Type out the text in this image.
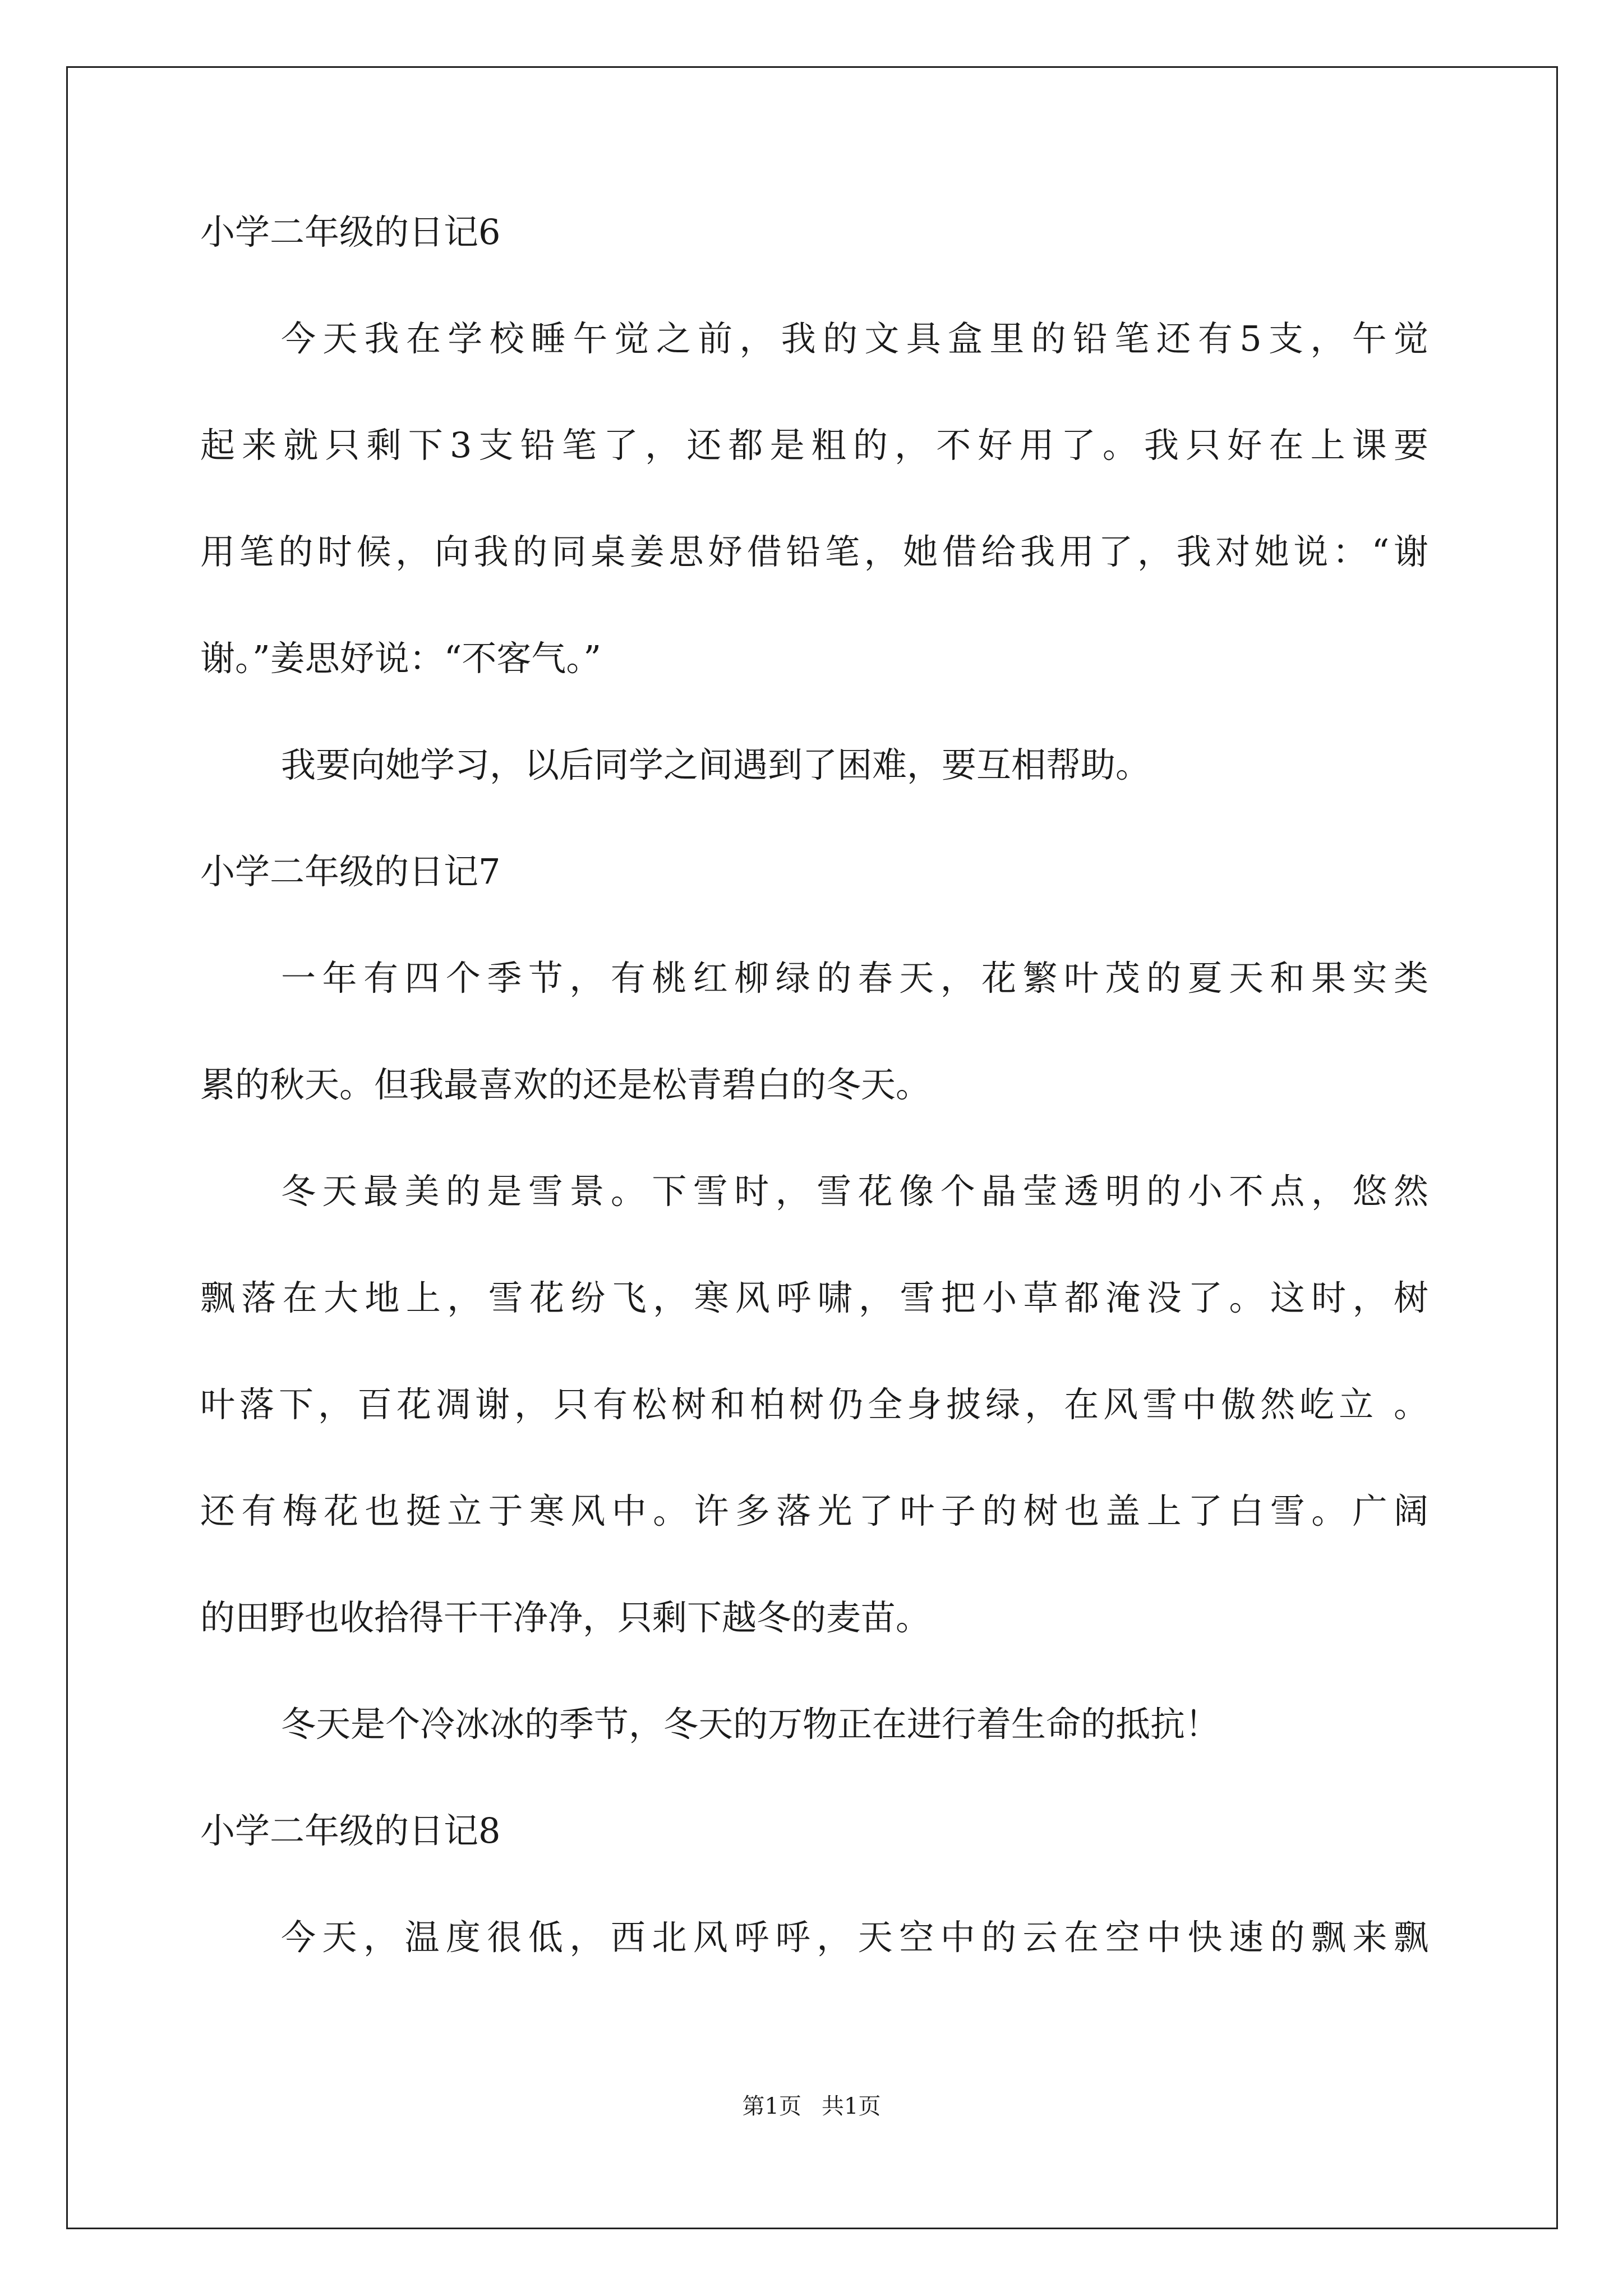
小学二年级的日记6
今天我在学校睡午觉之前，我的文具盒里的铅笔还有5支，午觉
起来就只剩下3支铅笔了，还都是粗的，不好用了。我只好在上课要
用笔的时候，向我的同桌姜思妤借铅笔，她借给我用了，我对她说：“谢
谢。”姜思妤说：“不客气。”
我要向她学习，以后同学之间遇到了困难，要互相帮助。
小学二年级的日记7
一年有四个季节，有桃红柳绿的春天，花繁叶茂的夏天和果实类
累的秋天。但我最喜欢的还是松青碧白的冬天。
冬天最美的是雪景。下雪时，雪花像个晶莹透明的小不点，悠然
飘落在大地上，雪花纷飞，寒风呼啸，雪把小草都淹没了。这时，树
叶落下，百花凋谢，只有松树和柏树仍全身披绿，在风雪中傲然屹立 。
还有梅花也挺立于寒风中。许多落光了叶子的树也盖上了白雪。广阔
的田野也收拾得干干净净，只剩下越冬的麦苗。
冬天是个冷冰冰的季节，冬天的万物正在进行着生命的抵抗！
小学二年级的日记8
今天，温度很低，西北风呼呼，天空中的云在空中快速的飘来飘
第1页 共1页
